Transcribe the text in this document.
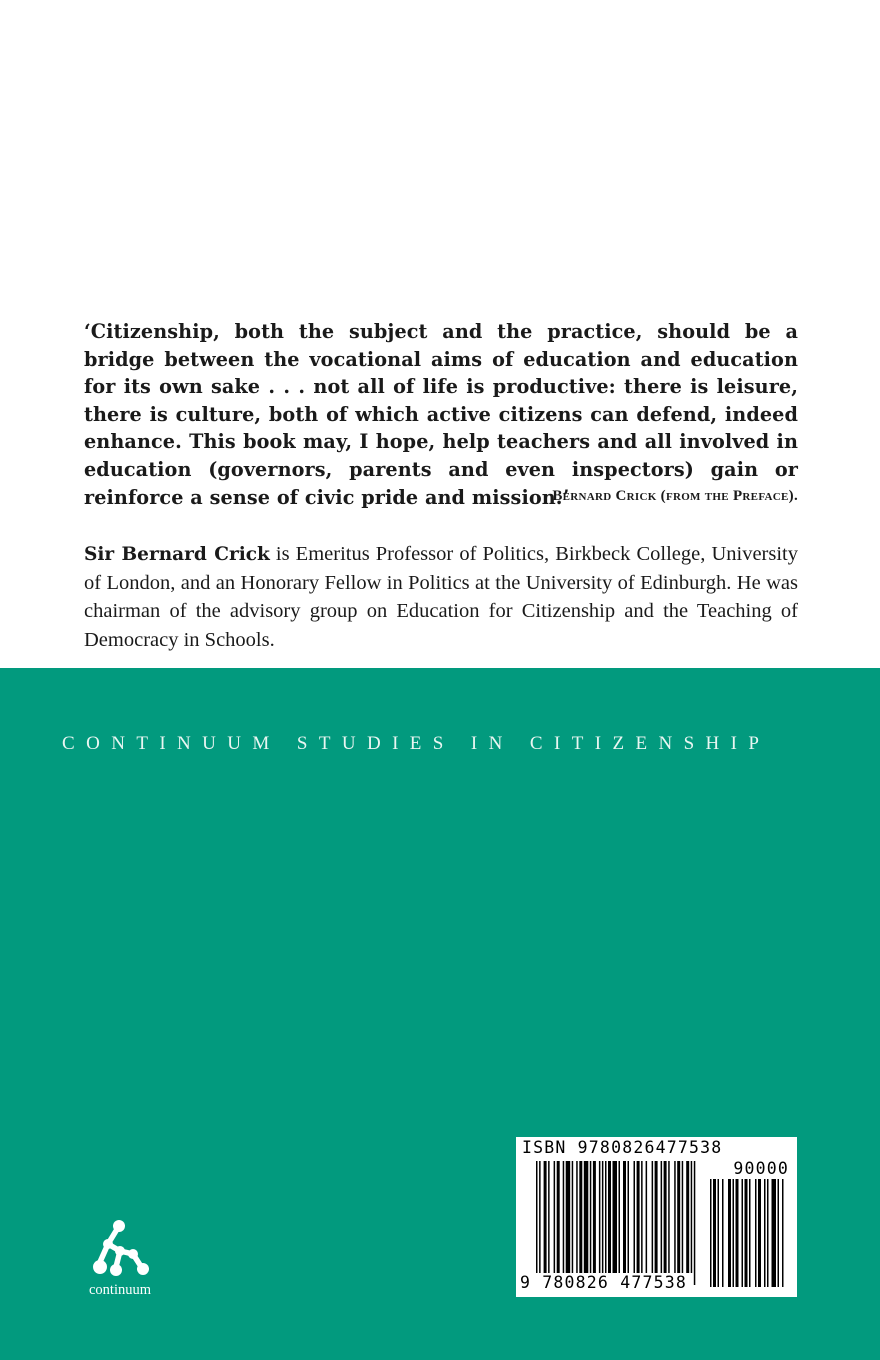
‘Citizenship, both the subject and the practice, should be a bridge between the vocational aims of education and education for its own sake . . . not all of life is productive: there is leisure, there is culture, both of which active citizens can defend, indeed enhance. This book may, I hope, help teachers and all involved in education (governors, parents and even inspectors) gain or reinforce a sense of civic pride and mission.’

Bernard Crick (from the Preface).

Sir Bernard Crick is Emeritus Professor of Politics, Birkbeck College, University of London, and an Honorary Fellow in Politics at the University of Edinburgh. He was chairman of the advisory group on Education for Citizenship and the Teaching of Democracy in Schools.

CONTINUUM STUDIES IN CITIZENSHIP
continuum
ISBN 9780826477538
90000
9 780826 477538
